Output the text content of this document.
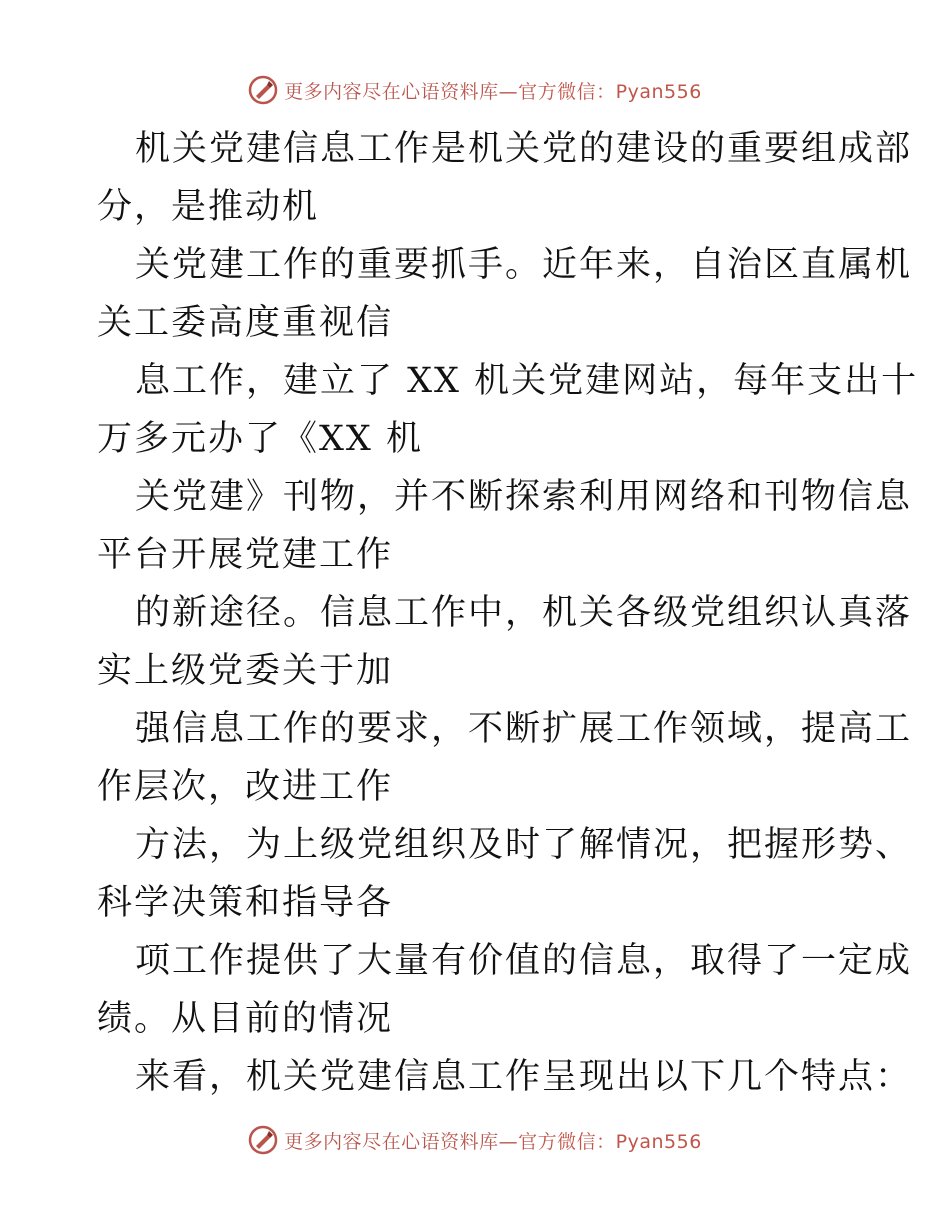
更多内容尽在心语资料库— 官方微信：Pyan556
机关党建信息工作是机关党的建设的重要组成部
分，是推动机
关党建工作的重要抓手。近年来，自治区直属机
关工委高度重视信
息工作，建立了 XX 机关党建网站，每年支出十
万多元办了《XX 机
关党建》刊物，并不断探索利用网络和刊物信息
平台开展党建工作
的新途径。信息工作中，机关各级党组织认真落
实上级党委关于加
强信息工作的要求，不断扩展工作领域，提高工
作层次，改进工作
方法，为上级党组织及时了解情况，把握形势、
科学决策和指导各
项工作提供了大量有价值的信息，取得了一定成
绩。从目前的情况
来看，机关党建信息工作呈现出以下几个特点：
更多内容尽在心语资料库— 官方微信：Pyan556
